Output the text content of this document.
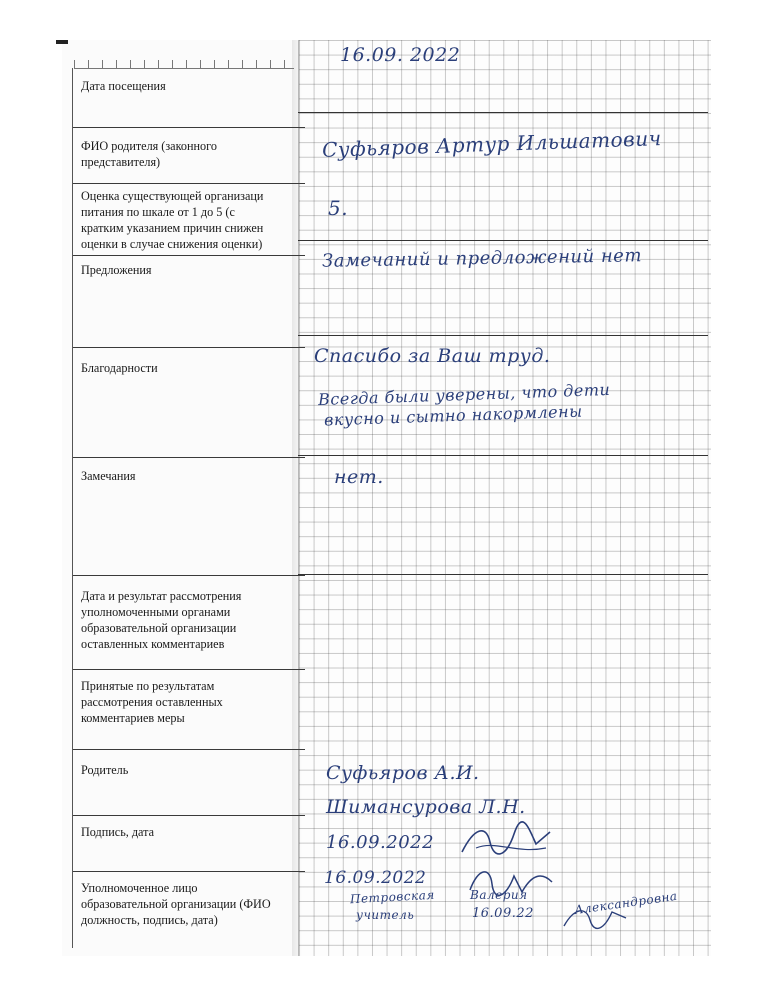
Дата посещения
ФИО родителя (законного
представителя)
Оценка существующей организаци
питания по шкале от 1 до 5 (с
кратким указанием причин снижен
оценки в случае снижения оценки)
Предложения
Благодарности
Замечания
Дата и результат рассмотрения
уполномоченными органами
образовательной организации
оставленных комментариев
Принятые по результатам
рассмотрения оставленных
комментариев меры
Родитель
Подпись, дата
Уполномоченное лицо
образовательной организации (ФИО
должность, подпись, дата)
16.09. 2022
Суфьяров Артур Ильшатович
5.
Замечаний и предложений нет
Спасибо за Ваш труд.
Всегда были уверены, что дети
вкусно и сытно накормлены
нет.
Суфьяров А.И.
Шимансурова Л.Н.
16.09.2022
16.09.2022
Петровская
учитель
Валерия
16.09.22	Александровна
